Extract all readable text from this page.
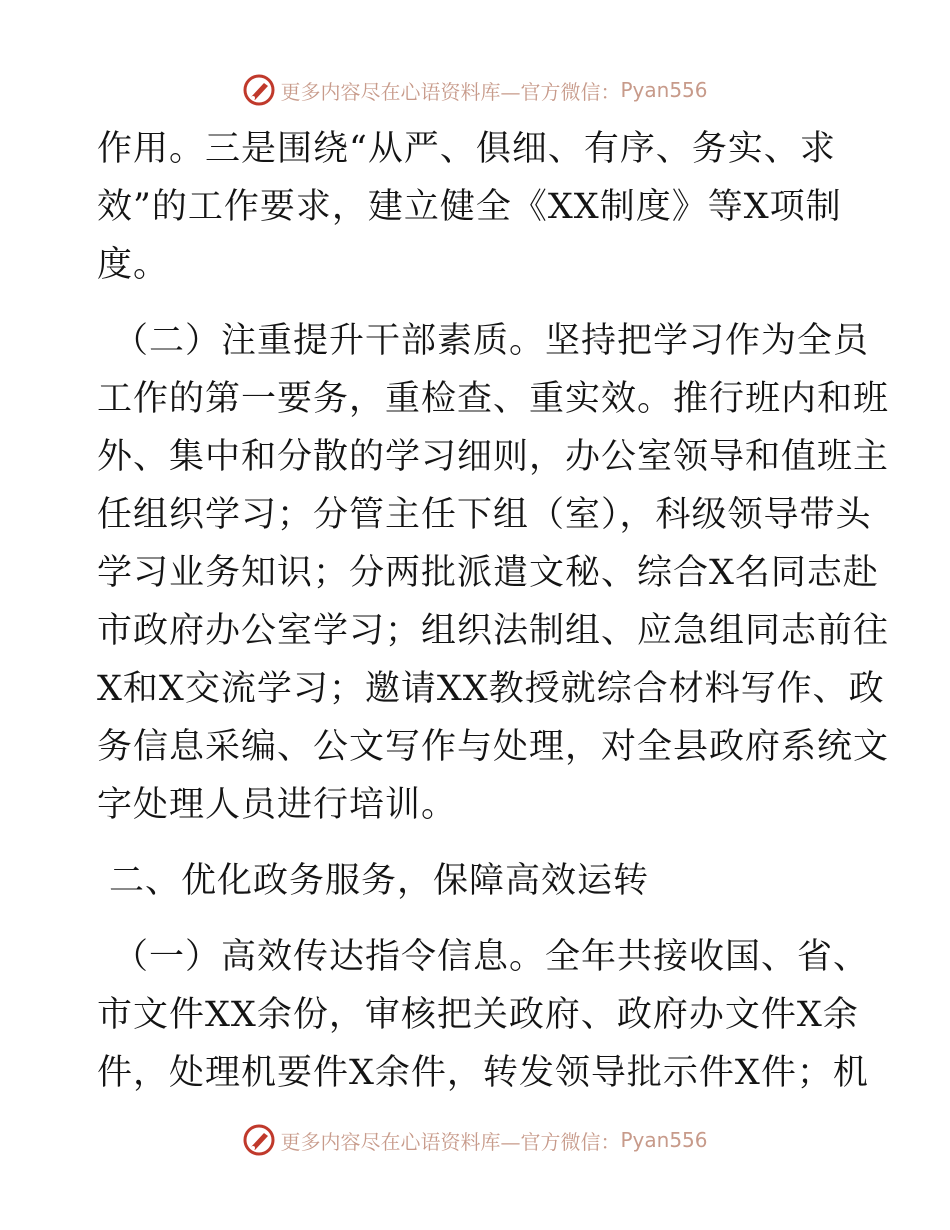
更多内容尽在心语资料库—官方微信： Pyan556
作用。三是围绕“从严、俱细、有序、务实、求
效”的工作要求，建立健全《XX制度》等X项制
度。
（二）注重提升干部素质。坚持把学习作为全员
工作的第一要务，重检查、重实效。推行班内和班
外、集中和分散的学习细则，办公室领导和值班主
任组织学习；分管主任下组（室），科级领导带头
学习业务知识；分两批派遣文秘、综合X名同志赴
市政府办公室学习；组织法制组、应急组同志前往
X和X交流学习；邀请XX教授就综合材料写作、政
务信息采编、公文写作与处理，对全县政府系统文
字处理人员进行培训。
二、优化政务服务，保障高效运转
（一）高效传达指令信息。全年共接收国、省、
市文件XX余份，审核把关政府、政府办文件X余
件，处理机要件X余件，转发领导批示件X件；机
更多内容尽在心语资料库—官方微信： Pyan556
